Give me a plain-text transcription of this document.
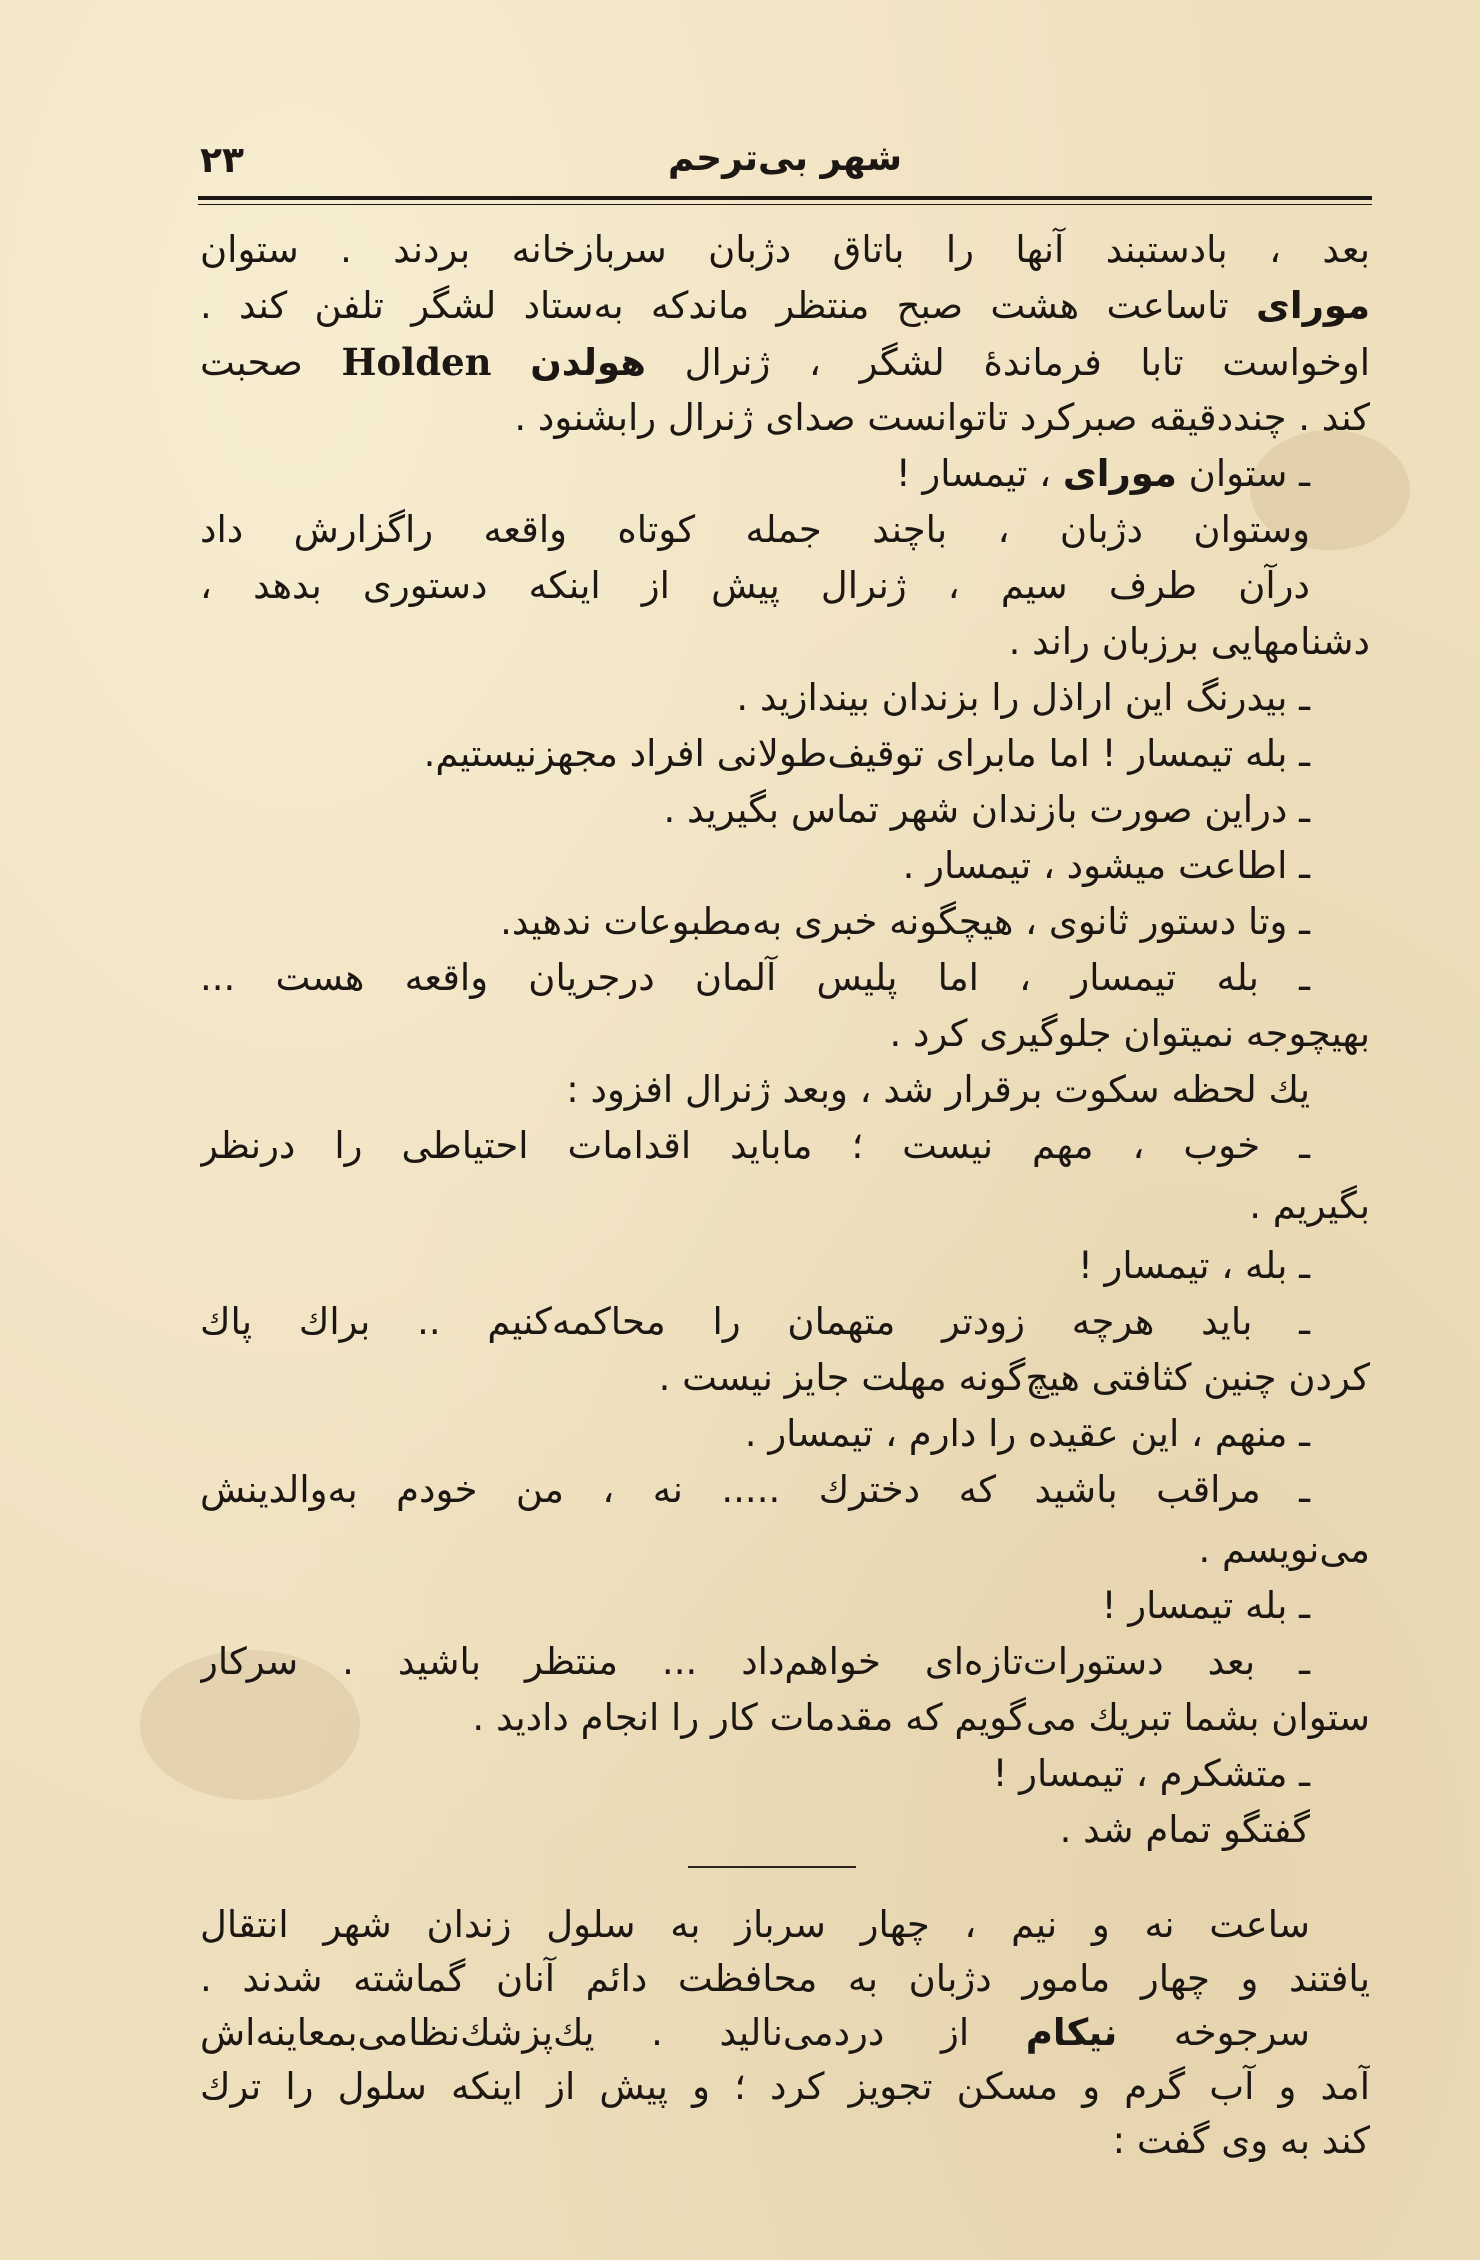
۲۳	شهر بی‌ترحم
بعد ، بادستبند آنها را باتاق دژبان سربازخانه بردند . ستوان
مورای تاساعت هشت صبح منتظر ماندکه به‌ستاد لشگر تلفن کند .
اوخواست تابا فرماندهٔ لشگر ، ژنرال هولدن Holden صحبت
کند . چنددقیقه صبرکرد تاتوانست صدای ژنرال رابشنود .
ـ ستوان مورای ، تیمسار !
وستوان دژبان ، باچند جمله کوتاه واقعه راگزارش داد
درآن طرف سیم ، ژنرال پیش از اینکه دستوری بدهد ،
دشنامهایی برزبان راند .
ـ بیدرنگ این اراذل را بزندان بیندازید .
ـ بله تیمسار ! اما مابرای توقیف‌طولانی افراد مجهزنیستیم.
ـ دراین صورت بازندان شهر تماس بگیرید .
ـ اطاعت میشود ، تیمسار .
ـ وتا دستور ثانوی ، هیچگونه خبری به‌مطبوعات ندهید.
ـ بله تیمسار ، اما پلیس آلمان درجریان واقعه هست ...
بهیچوجه نمیتوان جلوگیری کرد .
یك لحظه سکوت برقرار شد ، وبعد ژنرال افزود :
ـ خوب ، مهم نیست ؛ مابايد اقدامات احتیاطی را درنظر
بگیریم .
ـ بله ، تیمسار !
ـ باید هرچه زودتر متهمان را محاکمه‌کنیم .. براك پاك
کردن چنین کثافتی هیچ‌گونه مهلت جایز نیست .
ـ منهم ، این عقیده را دارم ، تیمسار .
ـ مراقب باشید که دخترك ..... نه ، من خودم به‌والدینش
می‌نویسم .
ـ بله تیمسار !
ـ بعد دستورات‌تازه‌ای خواهم‌داد ... منتظر باشید . سرکار
ستوان بشما تبریك می‌گویم که مقدمات کار را انجام دادید .
ـ متشکرم ، تیمسار !
گفتگو تمام شد .
ساعت نه و نیم ، چهار سرباز به سلول زندان شهر انتقال
یافتند و چهار مامور دژبان به محافظت دائم آنان گماشته شدند .
سرجوخه نیکام از دردمی‌نالید . یك‌پزشك‌نظامی‌بمعاینه‌اش
آمد و آب گرم و مسکن تجویز کرد ؛ و پیش از اینکه سلول را ترك
کند به وی گفت :
